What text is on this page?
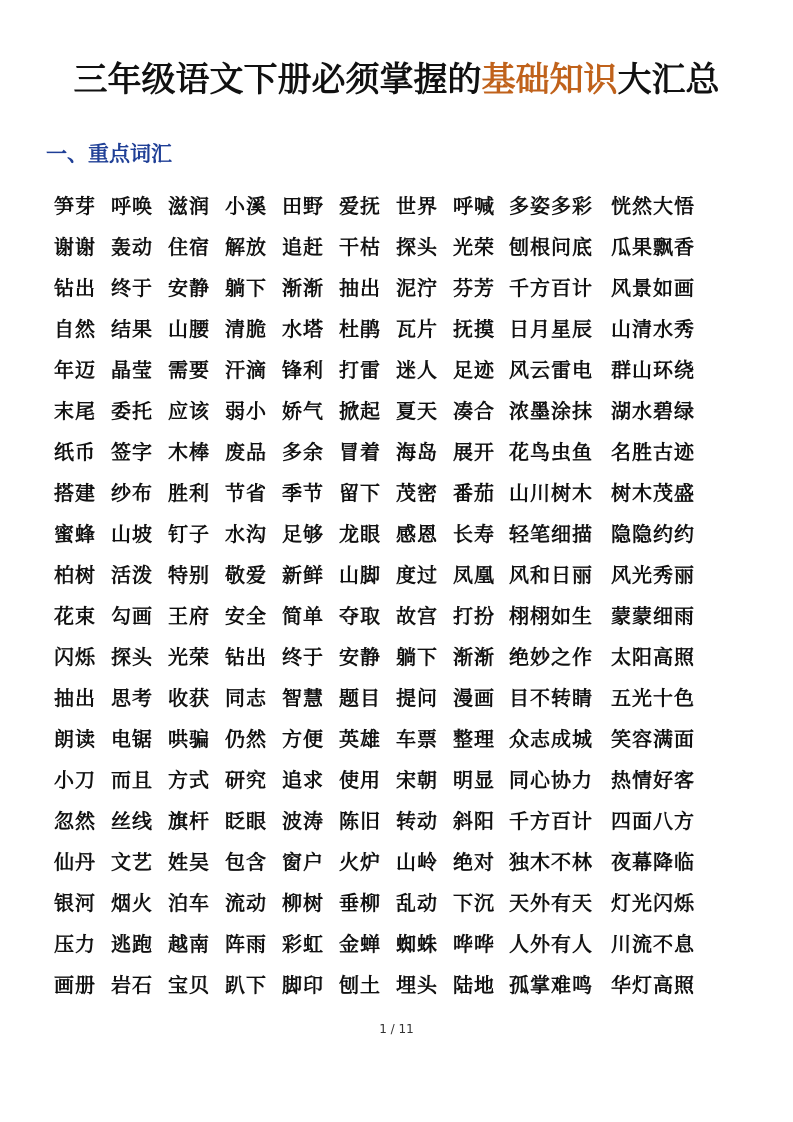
三年级语文下册必须掌握的基础知识大汇总
一、重点词汇
笋芽 呼唤 滋润 小溪 田野 爱抚 世界 呼喊 多姿多彩 恍然大悟
谢谢 轰动 住宿 解放 追赶 干枯 探头 光荣 刨根问底 瓜果飘香
钻出 终于 安静 躺下 渐渐 抽出 泥泞 芬芳 千方百计 风景如画
自然 结果 山腰 清脆 水塔 杜鹃 瓦片 抚摸 日月星辰 山清水秀
年迈 晶莹 需要 汗滴 锋利 打雷 迷人 足迹 风云雷电 群山环绕
末尾 委托 应该 弱小 娇气 掀起 夏天 凑合 浓墨涂抹 湖水碧绿
纸币 签字 木棒 废品 多余 冒着 海岛 展开 花鸟虫鱼 名胜古迹
搭建 纱布 胜利 节省 季节 留下 茂密 番茄 山川树木 树木茂盛
蜜蜂 山坡 钉子 水沟 足够 龙眼 感恩 长寿 轻笔细描 隐隐约约
柏树 活泼 特别 敬爱 新鲜 山脚 度过 凤凰 风和日丽 风光秀丽
花束 勾画 王府 安全 简单 夺取 故宫 打扮 栩栩如生 蒙蒙细雨
闪烁 探头 光荣 钻出 终于 安静 躺下 渐渐 绝妙之作 太阳高照
抽出 思考 收获 同志 智慧 题目 提问 漫画 目不转睛 五光十色
朗读 电锯 哄骗 仍然 方便 英雄 车票 整理 众志成城 笑容满面
小刀 而且 方式 研究 追求 使用 宋朝 明显 同心协力 热情好客
忽然 丝线 旗杆 眨眼 波涛 陈旧 转动 斜阳 千方百计 四面八方
仙丹 文艺 姓吴 包含 窗户 火炉 山岭 绝对 独木不林 夜幕降临
银河 烟火 泊车 流动 柳树 垂柳 乱动 下沉 天外有天 灯光闪烁
压力 逃跑 越南 阵雨 彩虹 金蝉 蜘蛛 哗哗 人外有人 川流不息
画册 岩石 宝贝 趴下 脚印 刨土 埋头 陆地 孤掌难鸣 华灯高照
1 / 11
